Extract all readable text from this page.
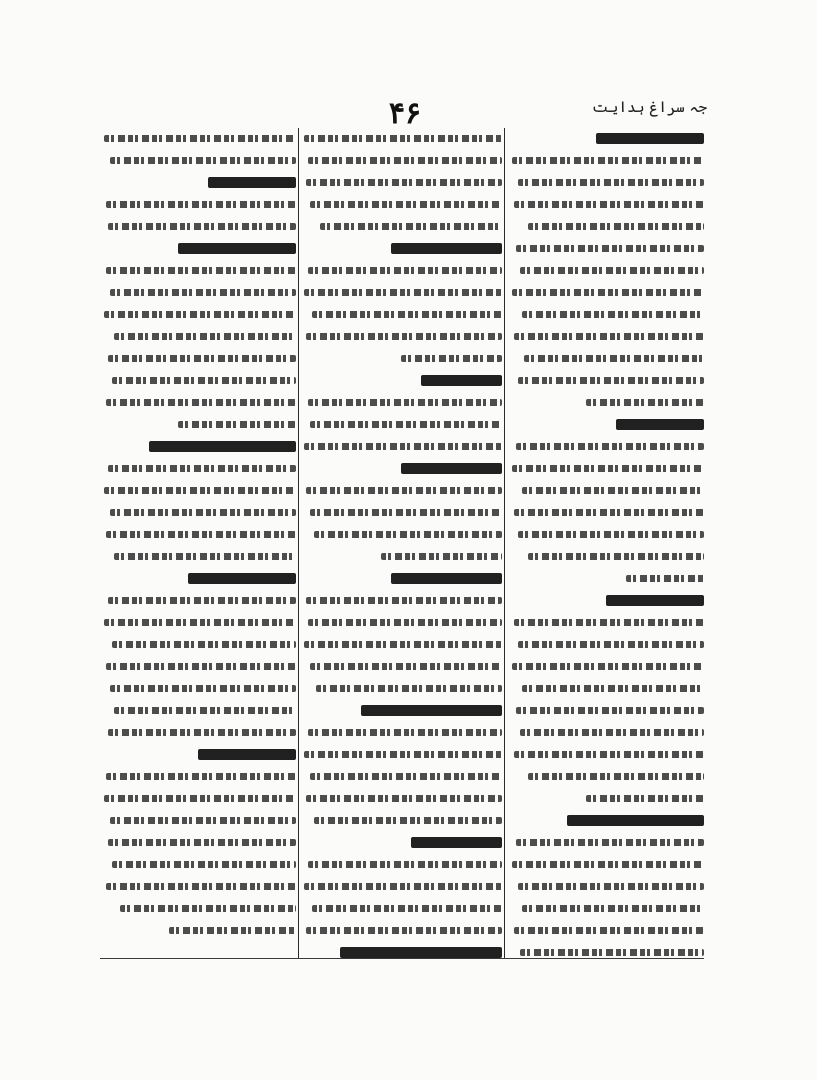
۴۶	جہ سراغ ہدایت
